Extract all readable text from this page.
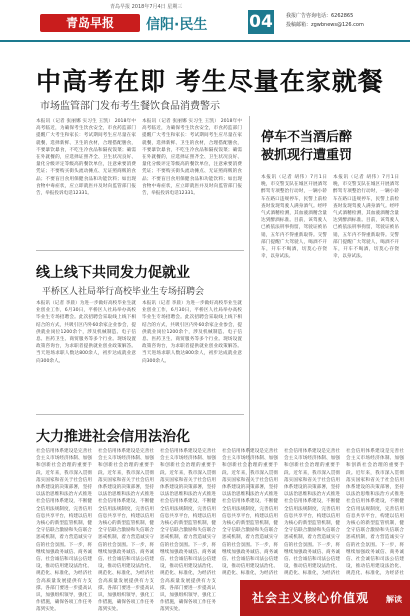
青岛早报 2018年7月4日 星期三
青岛早报	信阳·民生 04	我报广告咨询电话：6262865
投稿邮箱：zgwbnews@126.com
中高考在即 考生尽量在家就餐
市场监管部门发布考生餐饮食品消费警示
本报讯（记者 张丽娜 实习生 王凯） 2018年中高考临近，为确保考生饮食安全，市食药监部门提醒广大考生和家长：考试期间考生应尽量在家就餐，选择新鲜、卫生的食材，合理搭配膳食，不要暴饮暴食，不吃生冷食品和隔夜饭菜；确需在外就餐的，应选择证照齐全、卫生状况良好、量化分级评定等级高的餐饮单位，注意索要消费凭证；不要购买街头流动摊点、无证照商贩的食品；不要盲目食用保健食品和功能饮料；如出现食物中毒症状，应立即就医并及时向监管部门报告，举报投诉电话12331。
本报讯（记者 张丽娜 实习生 王凯） 2018年中高考临近，为确保考生饮食安全，市食药监部门提醒广大考生和家长：考试期间考生应尽量在家就餐，选择新鲜、卫生的食材，合理搭配膳食，不要暴饮暴食，不吃生冷食品和隔夜饭菜；确需在外就餐的，应选择证照齐全、卫生状况良好、量化分级评定等级高的餐饮单位，注意索要消费凭证；不要购买街头流动摊点、无证照商贩的食品；不要盲目食用保健食品和功能饮料；如出现食物中毒症状，应立即就医并及时向监管部门报告，举报投诉电话12331。
停车不当酒后醉
被抓现行遭重罚
本报讯（记者 胡伟）7月1日晚，市交警支队在城区开展酒驾醉驾专项整治行动时，一辆小轿车在路口违规停车，民警上前检查时发现驾驶人满身酒气。经呼气式酒精检测，其血液酒精含量达到醉酒标准。目前，该驾驶人已被依法刑事拘留，驾驶证被吊销，五年内不得重新取得。交警部门提醒广大驾驶人，喝酒不开车，开车不喝酒，切莫心存侥幸，以身试法。
本报讯（记者 胡伟）7月1日晚，市交警支队在城区开展酒驾醉驾专项整治行动时，一辆小轿车在路口违规停车，民警上前检查时发现驾驶人满身酒气。经呼气式酒精检测，其血液酒精含量达到醉酒标准。目前，该驾驶人已被依法刑事拘留，驾驶证被吊销，五年内不得重新取得。交警部门提醒广大驾驶人，喝酒不开车，开车不喝酒，切莫心存侥幸，以身试法。
线上线下共同发力促就业
平桥区人社局举行高校毕业生专场招聘会
本报讯（记者 李晨）为进一步做好高校毕业生就业创业工作，6月30日，平桥区人社局举办高校毕业生专场招聘会。此次招聘会采取线上线下相结合的方式，共吸引区内外60余家企业参会，提供就业岗位1200余个，涉及机械制造、电子信息、医药卫生、商贸服务等多个行业。现场设置政策咨询台，为求职者提供就业创业政策解答。当天进场求职人数达800余人，初步达成就业意向300余人。
本报讯（记者 李晨）为进一步做好高校毕业生就业创业工作，6月30日，平桥区人社局举办高校毕业生专场招聘会。此次招聘会采取线上线下相结合的方式，共吸引区内外60余家企业参会，提供就业岗位1200余个，涉及机械制造、电子信息、医药卫生、商贸服务等多个行业。现场设置政策咨询台，为求职者提供就业创业政策解答。当天进场求职人数达800余人，初步达成就业意向300余人。
大力推进社会信用法治化
社会信用体系建设是完善社会主义市场经济体制、加强和创新社会治理的重要手段。近年来，我市深入贯彻落实国家和省关于社会信用体系建设的决策部署，坚持以法治思维和法治方式推进社会信用体系建设，不断健全信用法规制度，完善信用信息共享平台，构建以信用为核心的新型监管机制，健全守信联合激励和失信联合惩戒机制，着力营造诚实守信的社会氛围。下一步，将继续加强政务诚信、商务诚信、社会诚信和司法公信建设，推动信用建设法治化、规范化、标准化，为经济社会高质量发展提供有力支撑。各部门要进一步提高认识，加强组织领导，强化工作措施，确保各项工作任务落到实处。
社会信用体系建设是完善社会主义市场经济体制、加强和创新社会治理的重要手段。近年来，我市深入贯彻落实国家和省关于社会信用体系建设的决策部署，坚持以法治思维和法治方式推进社会信用体系建设，不断健全信用法规制度，完善信用信息共享平台，构建以信用为核心的新型监管机制，健全守信联合激励和失信联合惩戒机制，着力营造诚实守信的社会氛围。下一步，将继续加强政务诚信、商务诚信、社会诚信和司法公信建设，推动信用建设法治化、规范化、标准化，为经济社会高质量发展提供有力支撑。各部门要进一步提高认识，加强组织领导，强化工作措施，确保各项工作任务落到实处。
社会信用体系建设是完善社会主义市场经济体制、加强和创新社会治理的重要手段。近年来，我市深入贯彻落实国家和省关于社会信用体系建设的决策部署，坚持以法治思维和法治方式推进社会信用体系建设，不断健全信用法规制度，完善信用信息共享平台，构建以信用为核心的新型监管机制，健全守信联合激励和失信联合惩戒机制，着力营造诚实守信的社会氛围。下一步，将继续加强政务诚信、商务诚信、社会诚信和司法公信建设，推动信用建设法治化、规范化、标准化，为经济社会高质量发展提供有力支撑。各部门要进一步提高认识，加强组织领导，强化工作措施，确保各项工作任务落到实处。
社会信用体系建设是完善社会主义市场经济体制、加强和创新社会治理的重要手段。近年来，我市深入贯彻落实国家和省关于社会信用体系建设的决策部署，坚持以法治思维和法治方式推进社会信用体系建设，不断健全信用法规制度，完善信用信息共享平台，构建以信用为核心的新型监管机制，健全守信联合激励和失信联合惩戒机制，着力营造诚实守信的社会氛围。下一步，将继续加强政务诚信、商务诚信、社会诚信和司法公信建设，推动信用建设法治化、规范化、标准化，为经济社
社会信用体系建设是完善社会主义市场经济体制、加强和创新社会治理的重要手段。近年来，我市深入贯彻落实国家和省关于社会信用体系建设的决策部署，坚持以法治思维和法治方式推进社会信用体系建设，不断健全信用法规制度，完善信用信息共享平台，构建以信用为核心的新型监管机制，健全守信联合激励和失信联合惩戒机制，着力营造诚实守信的社会氛围。下一步，将继续加强政务诚信、商务诚信、社会诚信和司法公信建设，推动信用建设法治化、规范化、标准化，为经济社
社会信用体系建设是完善社会主义市场经济体制、加强和创新社会治理的重要手段。近年来，我市深入贯彻落实国家和省关于社会信用体系建设的决策部署，坚持以法治思维和法治方式推进社会信用体系建设，不断健全信用法规制度，完善信用信息共享平台，构建以信用为核心的新型监管机制，健全守信联合激励和失信联合惩戒机制，着力营造诚实守信的社会氛围。下一步，将继续加强政务诚信、商务诚信、社会诚信和司法公信建设，推动信用建设法治化、规范化、标准化，为经济社
社会主义核心价值观 解读
